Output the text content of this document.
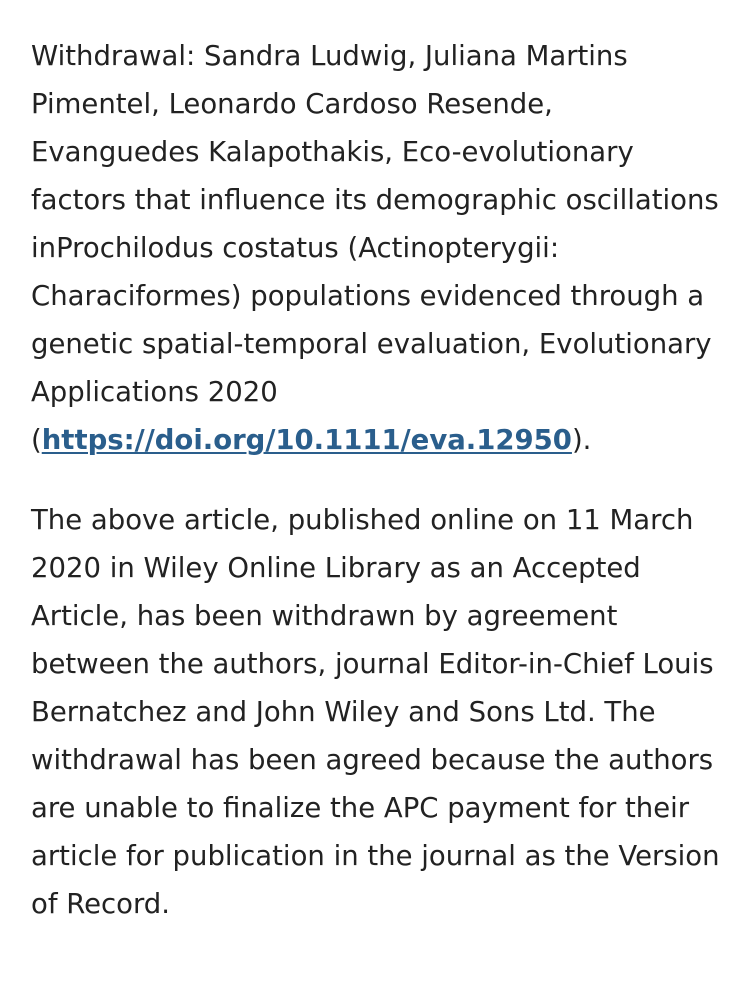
Withdrawal: Sandra Ludwig, Juliana Martins Pimentel, Leonardo Cardoso Resende, Evanguedes Kalapothakis, Eco-evolutionary factors that influence its demographic oscillations inProchilodus costatus (Actinopterygii: Characiformes) populations evidenced through a genetic spatial-temporal evaluation, Evolutionary Applications 2020 (https://doi.org/10.1111/eva.12950).

The above article, published online on 11 March 2020 in Wiley Online Library as an Accepted Article, has been withdrawn by agreement between the authors, journal Editor-in-Chief Louis Bernatchez and John Wiley and Sons Ltd. The withdrawal has been agreed because the authors are unable to finalize the APC payment for their article for publication in the journal as the Version of Record.
